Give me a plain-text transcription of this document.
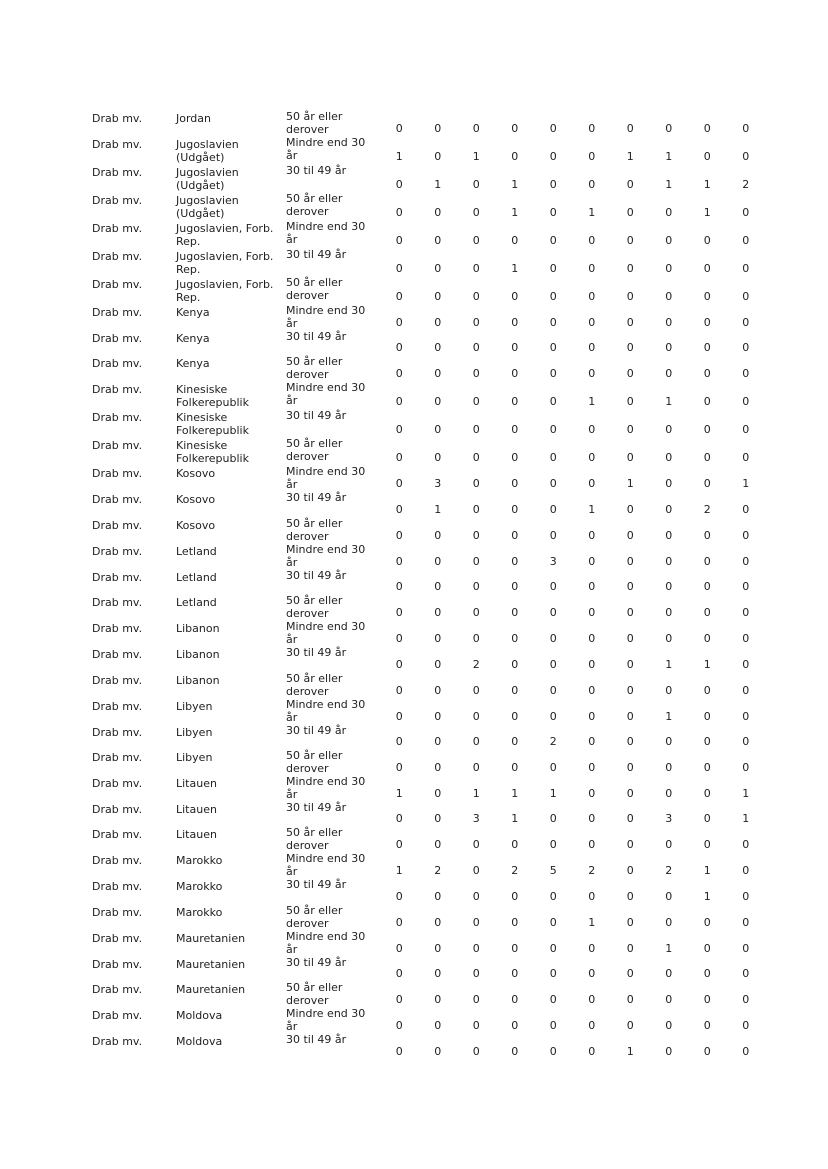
Drab mv.	Jordan	50 år eller derover	0	0	0	0	0	0	0	0	0	0
Drab mv.	Jugoslavien (Udgået)	Mindre end 30 år	1	0	1	0	0	0	1	1	0	0
Drab mv.	Jugoslavien (Udgået)	30 til 49 år	0	1	0	1	0	0	0	1	1	2
Drab mv.	Jugoslavien (Udgået)	50 år eller derover	0	0	0	1	0	1	0	0	1	0
Drab mv.	Jugoslavien, Forb. Rep.	Mindre end 30 år	0	0	0	0	0	0	0	0	0	0
Drab mv.	Jugoslavien, Forb. Rep.	30 til 49 år	0	0	0	1	0	0	0	0	0	0
Drab mv.	Jugoslavien, Forb. Rep.	50 år eller derover	0	0	0	0	0	0	0	0	0	0
Drab mv.	Kenya	Mindre end 30 år	0	0	0	0	0	0	0	0	0	0
Drab mv.	Kenya	30 til 49 år	0	0	0	0	0	0	0	0	0	0
Drab mv.	Kenya	50 år eller derover	0	0	0	0	0	0	0	0	0	0
Drab mv.	Kinesiske Folkerepublik	Mindre end 30 år	0	0	0	0	0	1	0	1	0	0
Drab mv.	Kinesiske Folkerepublik	30 til 49 år	0	0	0	0	0	0	0	0	0	0
Drab mv.	Kinesiske Folkerepublik	50 år eller derover	0	0	0	0	0	0	0	0	0	0
Drab mv.	Kosovo	Mindre end 30 år	0	3	0	0	0	0	1	0	0	1
Drab mv.	Kosovo	30 til 49 år	0	1	0	0	0	1	0	0	2	0
Drab mv.	Kosovo	50 år eller derover	0	0	0	0	0	0	0	0	0	0
Drab mv.	Letland	Mindre end 30 år	0	0	0	0	3	0	0	0	0	0
Drab mv.	Letland	30 til 49 år	0	0	0	0	0	0	0	0	0	0
Drab mv.	Letland	50 år eller derover	0	0	0	0	0	0	0	0	0	0
Drab mv.	Libanon	Mindre end 30 år	0	0	0	0	0	0	0	0	0	0
Drab mv.	Libanon	30 til 49 år	0	0	2	0	0	0	0	1	1	0
Drab mv.	Libanon	50 år eller derover	0	0	0	0	0	0	0	0	0	0
Drab mv.	Libyen	Mindre end 30 år	0	0	0	0	0	0	0	1	0	0
Drab mv.	Libyen	30 til 49 år	0	0	0	0	2	0	0	0	0	0
Drab mv.	Libyen	50 år eller derover	0	0	0	0	0	0	0	0	0	0
Drab mv.	Litauen	Mindre end 30 år	1	0	1	1	1	0	0	0	0	1
Drab mv.	Litauen	30 til 49 år	0	0	3	1	0	0	0	3	0	1
Drab mv.	Litauen	50 år eller derover	0	0	0	0	0	0	0	0	0	0
Drab mv.	Marokko	Mindre end 30 år	1	2	0	2	5	2	0	2	1	0
Drab mv.	Marokko	30 til 49 år	0	0	0	0	0	0	0	0	1	0
Drab mv.	Marokko	50 år eller derover	0	0	0	0	0	1	0	0	0	0
Drab mv.	Mauretanien	Mindre end 30 år	0	0	0	0	0	0	0	1	0	0
Drab mv.	Mauretanien	30 til 49 år	0	0	0	0	0	0	0	0	0	0
Drab mv.	Mauretanien	50 år eller derover	0	0	0	0	0	0	0	0	0	0
Drab mv.	Moldova	Mindre end 30 år	0	0	0	0	0	0	0	0	0	0
Drab mv.	Moldova	30 til 49 år	0	0	0	0	0	0	1	0	0	0
